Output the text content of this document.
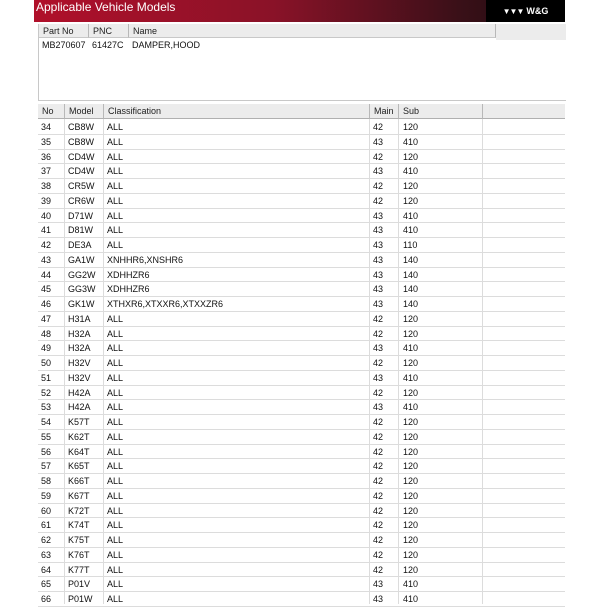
Applicable Vehicle Models	▼▼▼ W&G
Part No	PNC	Name
MB270607 61427C DAMPER,HOOD
No	Model	Classification	Main	Sub
34 CB8W ALL	42 120
35 CB8W ALL	43 410
36 CD4W ALL	42 120
37 CD4W ALL	43 410
38 CR5W ALL	42 120
39 CR6W ALL	42 120
40 D71W ALL	43 410
41 D81W ALL	43 410
42 DE3A ALL	43 110
43 GA1W XNHHR6,XNSHR6	43 140
44 GG2W XDHHZR6	43 140
45 GG3W XDHHZR6	43 140
46 GK1W XTHXR6,XTXXR6,XTXXZR6	43 140
47 H31A ALL	42 120
48 H32A ALL	42 120
49 H32A ALL	43 410
50 H32V ALL	42 120
51 H32V ALL	43 410
52 H42A ALL	42 120
53 H42A ALL	43 410
54 K57T ALL	42 120
55 K62T ALL	42 120
56 K64T ALL	42 120
57 K65T ALL	42 120
58 K66T ALL	42 120
59 K67T ALL	42 120
60 K72T ALL	42 120
61 K74T ALL	42 120
62 K75T ALL	42 120
63 K76T ALL	42 120
64 K77T ALL	42 120
65 P01V ALL	43 410
66 P01W ALL	43 410
